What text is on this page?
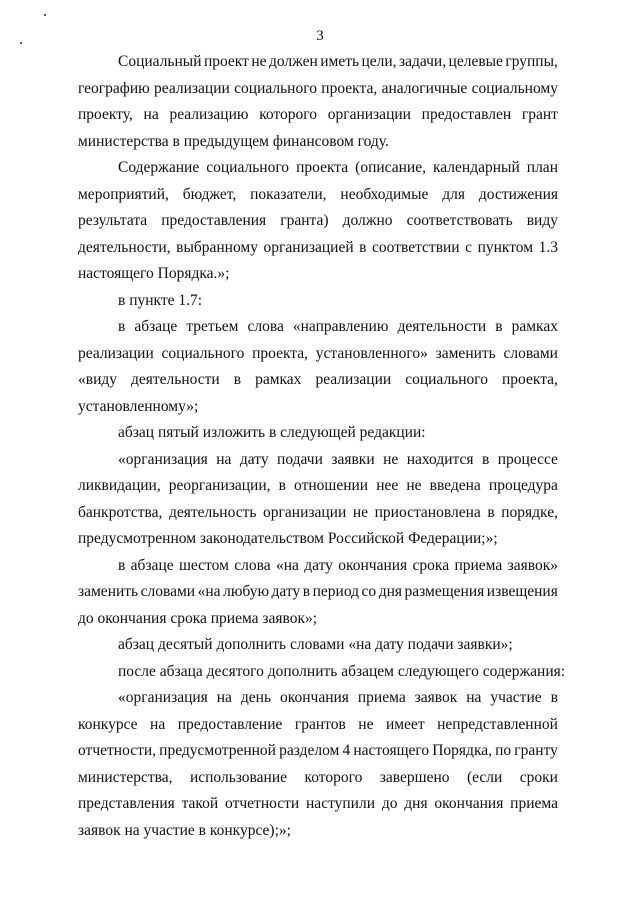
3
Социальный проект не должен иметь цели, задачи, целевые группы,
географию реализации социального проекта, аналогичные социальному
проекту, на реализацию которого организации предоставлен грант
министерства в предыдущем финансовом году.
Содержание социального проекта (описание, календарный план
мероприятий, бюджет, показатели, необходимые для достижения
результата предоставления гранта) должно соответствовать виду
деятельности, выбранному организацией в соответствии с пунктом 1.3
настоящего Порядка.»;
в пункте 1.7:
в абзаце третьем слова «направлению деятельности в рамках
реализации социального проекта, установленного» заменить словами
«виду деятельности в рамках реализации социального проекта,
установленному»;
абзац пятый изложить в следующей редакции:
«организация на дату подачи заявки не находится в процессе
ликвидации, реорганизации, в отношении нее не введена процедура
банкротства, деятельность организации не приостановлена в порядке,
предусмотренном законодательством Российской Федерации;»;
в абзаце шестом слова «на дату окончания срока приема заявок»
заменить словами «на любую дату в период со дня размещения извещения
до окончания срока приема заявок»;
абзац десятый дополнить словами «на дату подачи заявки»;
после абзаца десятого дополнить абзацем следующего содержания:
«организация на день окончания приема заявок на участие в
конкурсе на предоставление грантов не имеет непредставленной
отчетности, предусмотренной разделом 4 настоящего Порядка, по гранту
министерства, использование которого завершено (если сроки
представления такой отчетности наступили до дня окончания приема
заявок на участие в конкурсе);»;
